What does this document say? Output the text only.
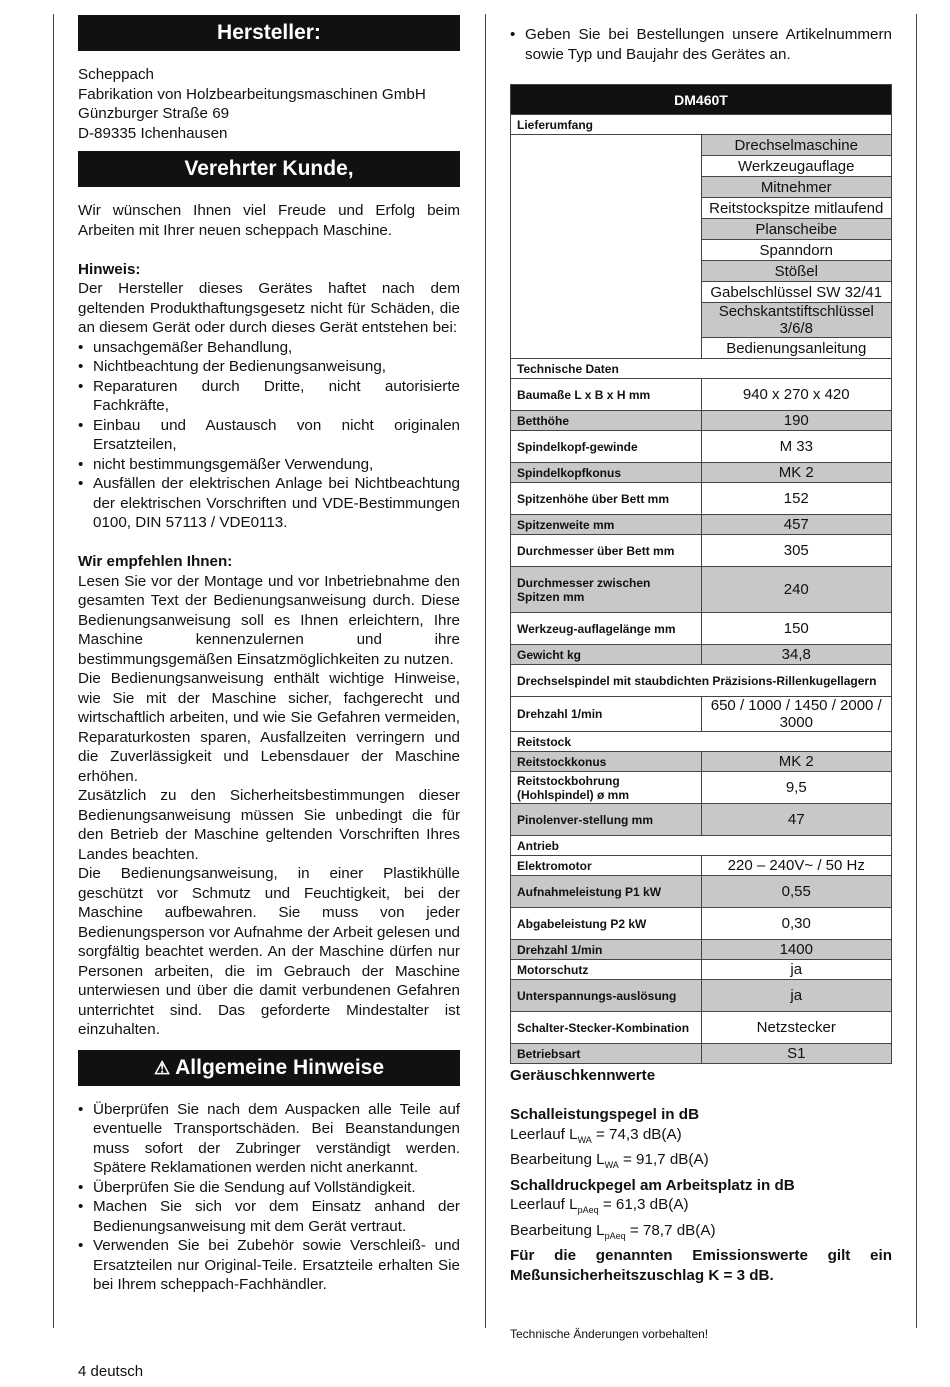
Hersteller:

Scheppach

Fabrikation von Holzbearbeitungsmaschinen GmbH

Günzburger Straße 69

D-89335 Ichenhausen

Verehrter Kunde,

Wir wünschen Ihnen viel Freude und Erfolg beim Arbeiten mit Ihrer neuen scheppach Maschine.

Hinweis:

Der Hersteller dieses Gerätes haftet nach dem geltenden Produkthaftungsgesetz nicht für Schäden, die an diesem Gerät oder durch dieses Gerät entstehen bei:

• unsachgemäßer Behandlung,
• Nichtbeachtung der Bedienungsanweisung,
• Reparaturen durch Dritte, nicht autorisierte Fachkräfte,
• Einbau und Austausch von nicht originalen Ersatzteilen,
• nicht bestimmungsgemäßer Verwendung,
• Ausfällen der elektrischen Anlage bei Nichtbeachtung der elektrischen Vorschriften und VDE-Bestimmungen 0100, DIN 57113 / VDE0113.

Wir empfehlen Ihnen:

Lesen Sie vor der Montage und vor Inbetriebnahme den gesamten Text der Bedienungsanweisung durch. Diese Bedienungsanweisung soll es Ihnen erleichtern, Ihre Maschine kennenzulernen und ihre bestimmungsgemäßen Einsatzmöglichkeiten zu nutzen.

Die Bedienungsanweisung enthält wichtige Hinweise, wie Sie mit der Maschine sicher, fachgerecht und wirtschaftlich arbeiten, und wie Sie Gefahren vermeiden, Reparaturkosten sparen, Ausfallzeiten verringern und die Zuverlässigkeit und Lebensdauer der Maschine erhöhen.

Zusätzlich zu den Sicherheitsbestimmungen dieser Bedienungsanweisung müssen Sie unbedingt die für den Betrieb der Maschine geltenden Vorschriften Ihres Landes beachten.

Die Bedienungsanweisung, in einer Plastikhülle geschützt vor Schmutz und Feuchtigkeit, bei der Maschine aufbewahren. Sie muss von jeder Bedienungsperson vor Aufnahme der Arbeit gelesen und sorgfältig beachtet werden. An der Maschine dürfen nur Personen arbeiten, die im Gebrauch der Maschine unterwiesen und über die damit verbundenen Gefahren unterrichtet sind. Das geforderte Mindestalter ist einzuhalten.

⚠ Allgemeine Hinweise
• Überprüfen Sie nach dem Auspacken alle Teile auf eventuelle Transportschäden. Bei Beanstandungen muss sofort der Zubringer verständigt werden. Spätere Reklamationen werden nicht anerkannt.
• Überprüfen Sie die Sendung auf Vollständigkeit.
• Machen Sie sich vor dem Einsatz anhand der Bedienungsanweisung mit dem Gerät vertraut.
• Verwenden Sie bei Zubehör sowie Verschleiß- und Ersatzteilen nur Original-Teile. Ersatzteile erhalten Sie bei Ihrem scheppach-Fachhändler.
• Geben Sie bei Bestellungen unsere Artikelnummern sowie Typ und Baujahr des Gerätes an.
DM460T	
Lieferumfang	
	Drechselmaschine
	Werkzeugauflage
	Mitnehmer
	Reitstockspitze mitlaufend
	Planscheibe
	Spanndorn
	Stößel
	Gabelschlüssel SW 32/41
	Sechskantstiftschlüssel 3/6/8
	Bedienungsanleitung
Technische Daten	
Baumaße L x B x H mm	940 x 270 x 420
Betthöhe	190
Spindelkopf-gewinde	M 33
Spindelkopfkonus	MK 2
Spitzenhöhe über Bett mm	152
Spitzenweite mm	457
Durchmesser über Bett mm	305
Durchmesser zwischen Spitzen mm	240
Werkzeug-auflagelänge mm	150
Gewicht kg	34,8
Drechselspindel mit staubdichten Präzisions-Rillenkugellagern	
Drehzahl 1/min	650 / 1000 / 1450 / 2000 / 3000
Reitstock	
Reitstockkonus	MK 2
Reitstockbohrung (Hohlspindel) ø mm	9,5
Pinolenver-stellung mm	47
Antrieb	
Elektromotor	220 – 240V~ / 50 Hz
Aufnahmeleistung P1 kW	0,55
Abgabeleistung P2 kW	0,30
Drehzahl 1/min	1400
Motorschutz	ja
Unterspannungs-auslösung	ja
Schalter-Stecker-Kombination	Netzstecker
Betriebsart	S1

Geräuschkennwerte

Schalleistungspegel in dB

Leerlauf $L_{WA} = 74,3$ dB(A)

Bearbeitung $L_{WA} = 91,7$ dB(A)

Schalldruckpegel am Arbeitsplatz in dB

Leerlauf $L_{pAeq} = 61,3$ dB(A)

Bearbeitung $L_{pAeq} = 78,7$ dB(A)

Für die genannten Emissionswerte gilt ein Meßunsicherheitszuschlag K = 3 dB.

Technische Änderungen vorbehalten!

4 deutsch
